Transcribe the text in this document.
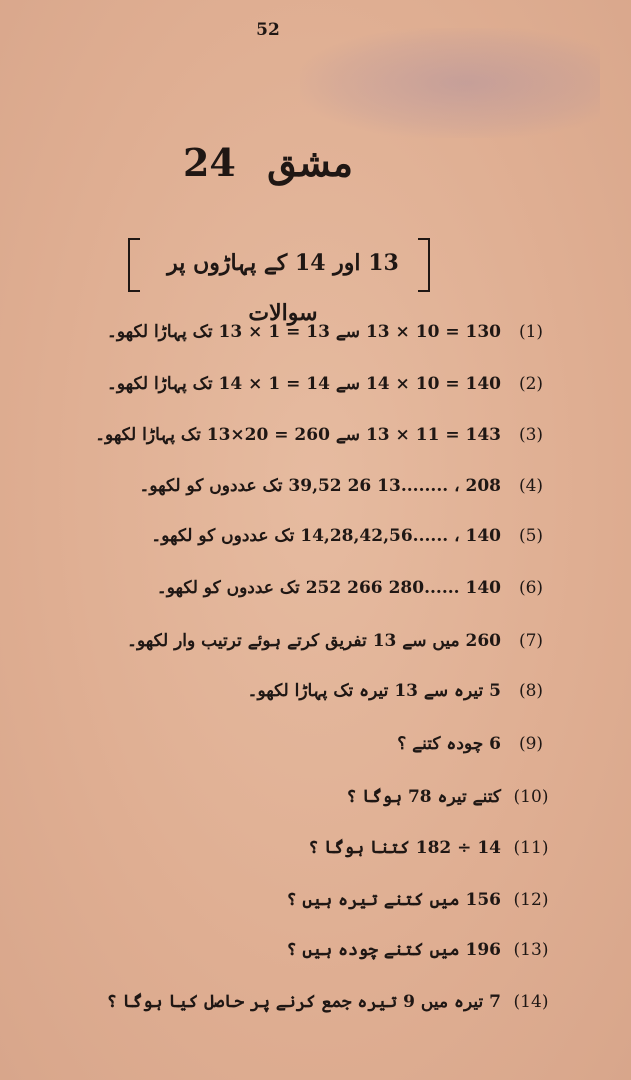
52
مشق 24
13 اور 14 کے پہاڑوں پر سوالات
(1)130 = 10 × 13 سے 13 = 1 × 13 تک پہاڑا لکھو۔
(2)140 = 10 × 14 سے 14 = 1 × 14 تک پہاڑا لکھو۔
(3)143 = 11 × 13 سے 260 = 20×13 تک پہاڑا لکھو۔
(4)208 ، ........13 26 39,52 تک عددوں کو لکھو۔
(5)140 ، ......14,28,42,56 تک عددوں کو لکھو۔
(6)140 ......280 266 252 تک عددوں کو لکھو۔
(7)260 میں سے 13 تفریق کرتے ہوئے ترتیب وار لکھو۔
(8)5 تیرہ سے 13 تیرہ تک پہاڑا لکھو۔
(9)6 چودہ کتنے ؟
(10)کتنے تیرہ 78 ہوگا ؟
(11)14 ÷ 182 کتنا ہوگا ؟
(12)156 میں کتنے تیرہ ہیں ؟
(13)196 میں کتنے چودہ ہیں ؟
(14)7 تیرہ میں 9 تیرہ جمع کرنے پر حاصل کیا ہوگا ؟
